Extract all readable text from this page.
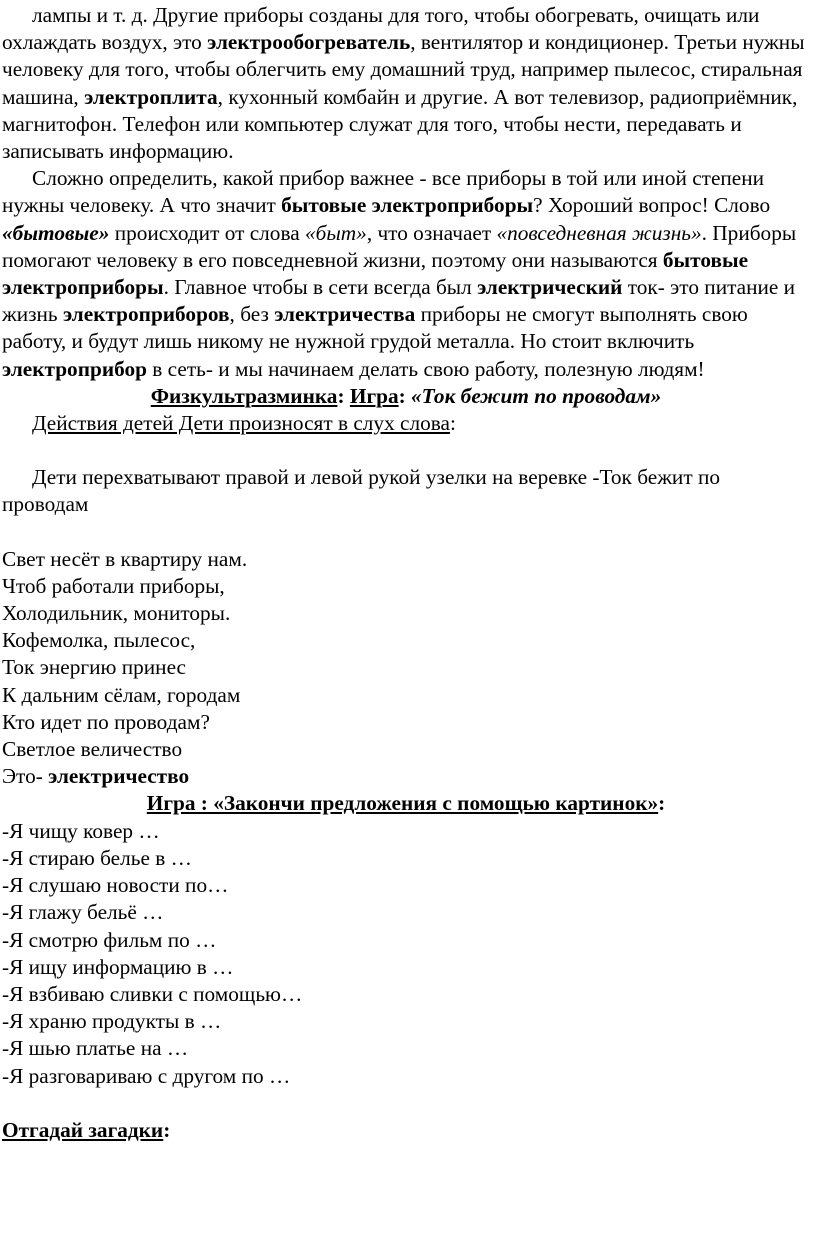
лампы и т. д. Другие приборы созданы для того, чтобы обогревать, очищать или охлаждать воздух, это электрообогреватель, вентилятор и кондиционер. Третьи нужны человеку для того, чтобы облегчить ему домашний труд, например пылесос, стиральная машина, электроплита, кухонный комбайн и другие. А вот телевизор, радиоприёмник, магнитофон. Телефон или компьютер служат для того, чтобы нести, передавать и записывать информацию.

Сложно определить, какой прибор важнее - все приборы в той или иной степени нужны человеку. А что значит бытовые электроприборы? Хороший вопрос! Слово «бытовые» происходит от слова «быт», что означает «повседневная жизнь». Приборы помогают человеку в его повседневной жизни, поэтому они называются бытовые электроприборы. Главное чтобы в сети всегда был электрический ток- это питание и жизнь электроприборов, без электричества приборы не смогут выполнять свою работу, и будут лишь никому не нужной грудой металла. Но стоит включить электроприбор в сеть- и мы начинаем делать свою работу, полезную людям!

Физкультразминка: Игра: «Ток бежит по проводам»

Действия детей Дети произносят в слух слова:

Дети перехватывают правой и левой рукой узелки на веревке -Ток бежит по проводам

Свет несёт в квартиру нам.

Чтоб работали приборы,

Холодильник, мониторы.

Кофемолка, пылесос,

Ток энергию принес

К дальним сёлам, городам

Кто идет по проводам?

Светлое величество

Это- электричество

Игра : «Закончи предложения с помощью картинок»:

-Я чищу ковер …

-Я стираю белье в …

-Я слушаю новости по…

-Я глажу бельё …

-Я смотрю фильм по …

-Я ищу информацию в …

-Я взбиваю сливки с помощью…

-Я храню продукты в …

-Я шью платье на …

-Я разговариваю с другом по …

Отгадай загадки:
